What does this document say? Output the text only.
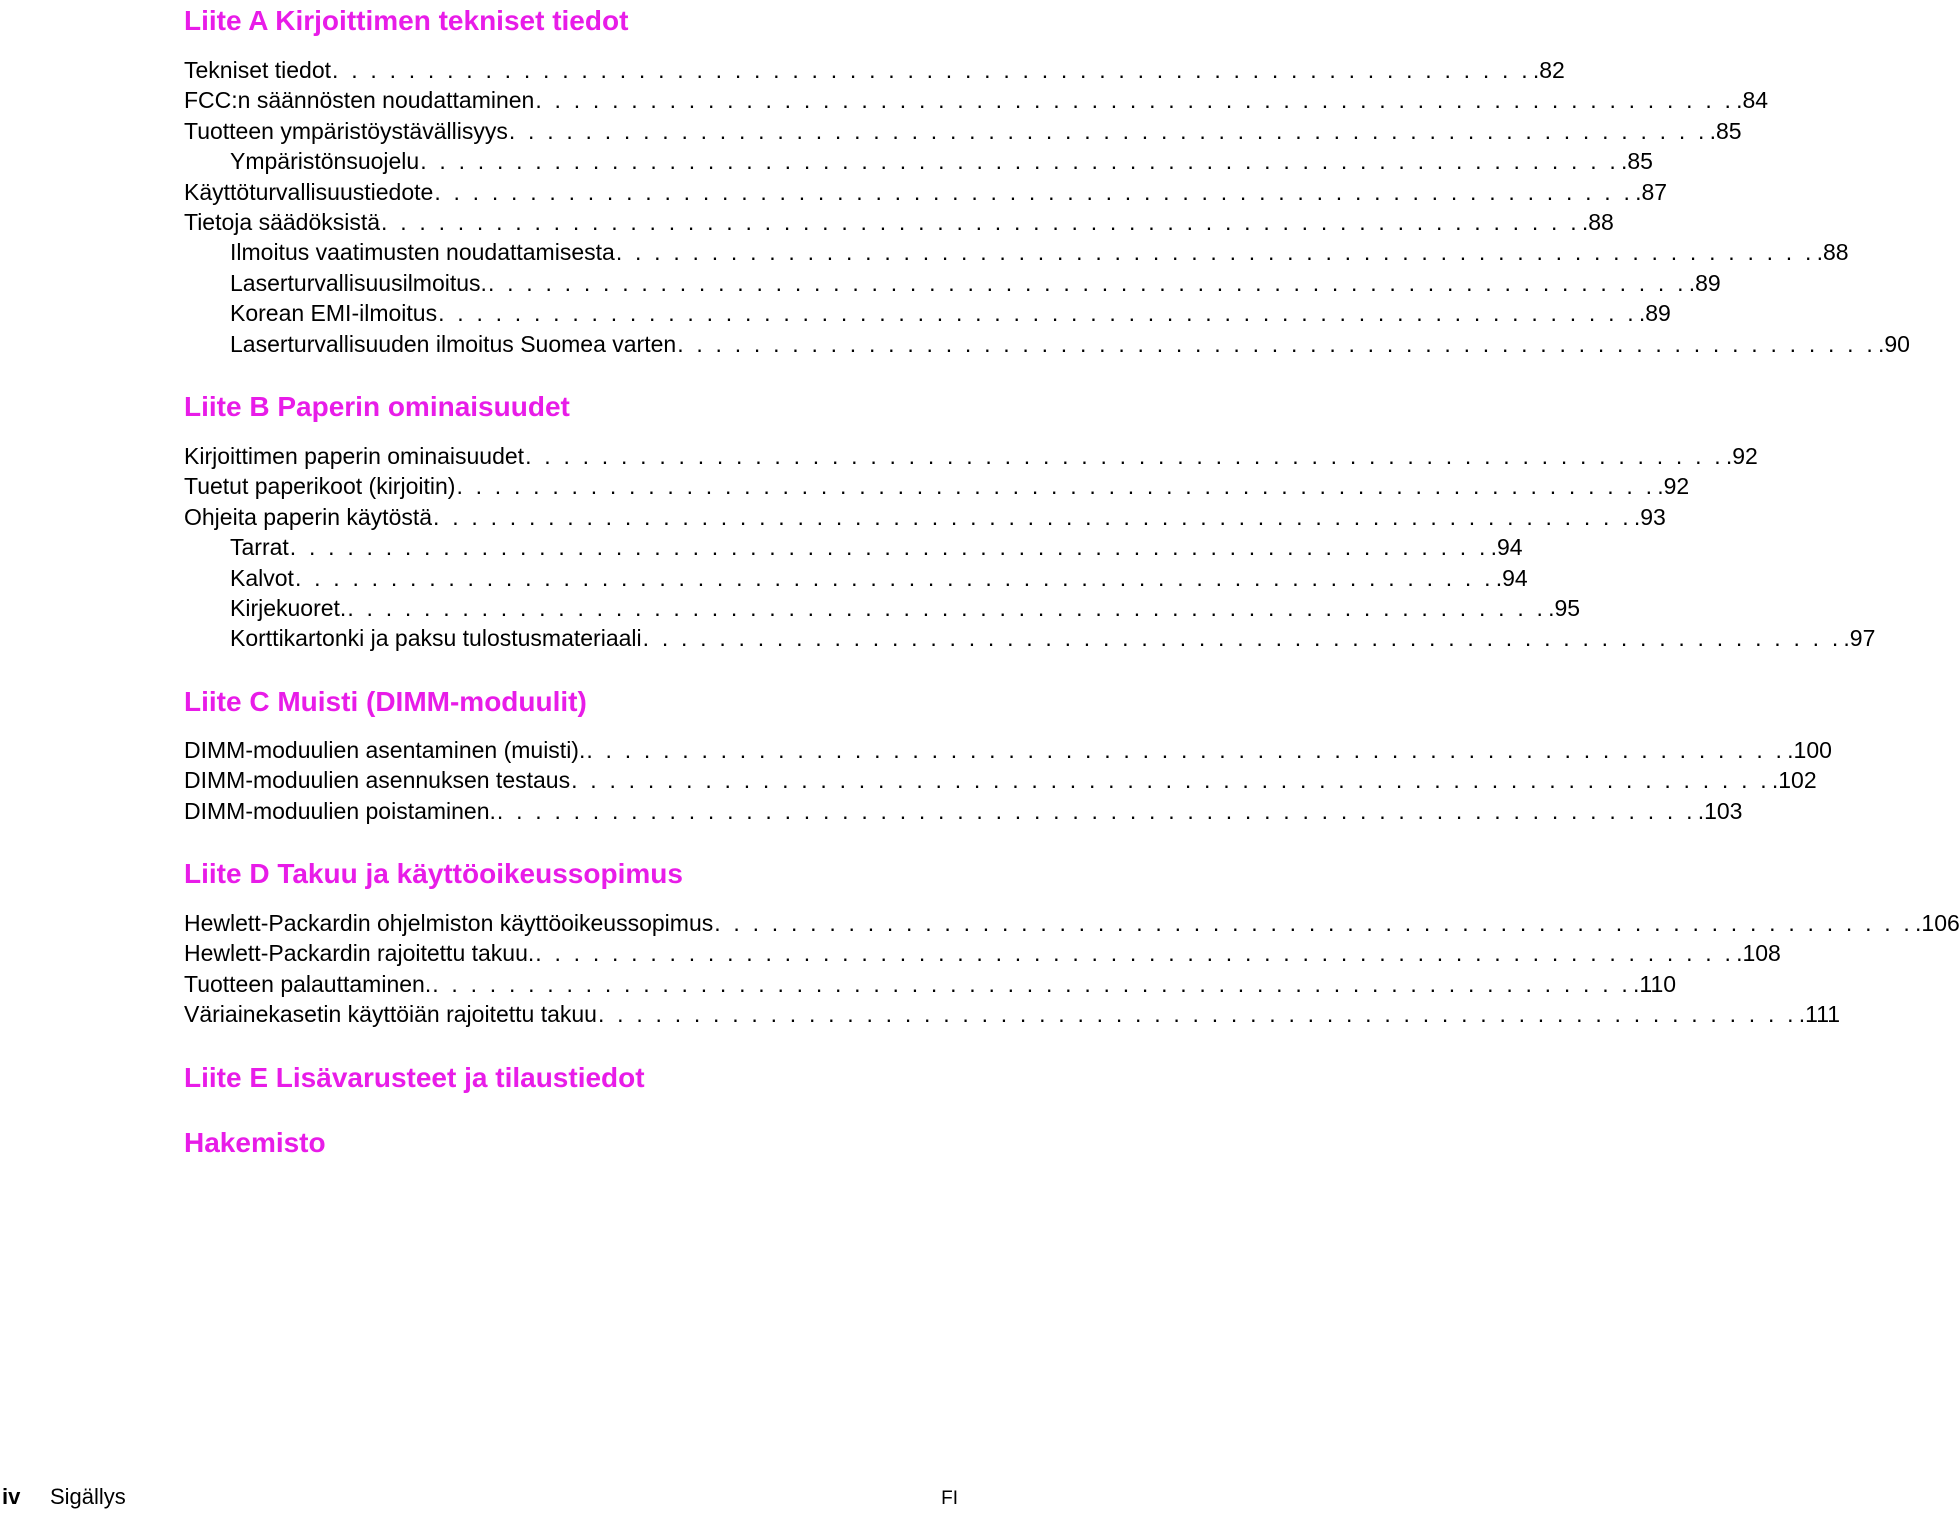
Liite A Kirjoittimen tekniset tiedot
Tekniset tiedot . . . . . . . . . . . . . . . . . . . . . . . . . . . . . . . . . . . . . . . . . . . . . . . . . . . . . . . . . . . . . . . .82
FCC:n säännösten noudattaminen . . . . . . . . . . . . . . . . . . . . . . . . . . . . . . . . . . . . . . . . . . . . . . . . . . . . . . . . . . . . . . . .84
Tuotteen ympäristöystävällisyys . . . . . . . . . . . . . . . . . . . . . . . . . . . . . . . . . . . . . . . . . . . . . . . . . . . . . . . . . . . . . . . .85
Ympäristönsuojelu . . . . . . . . . . . . . . . . . . . . . . . . . . . . . . . . . . . . . . . . . . . . . . . . . . . . . . . . . . . . . . . .85
Käyttöturvallisuustiedote . . . . . . . . . . . . . . . . . . . . . . . . . . . . . . . . . . . . . . . . . . . . . . . . . . . . . . . . . . . . . . . .87
Tietoja säädöksistä . . . . . . . . . . . . . . . . . . . . . . . . . . . . . . . . . . . . . . . . . . . . . . . . . . . . . . . . . . . . . . . .88
Ilmoitus vaatimusten noudattamisesta . . . . . . . . . . . . . . . . . . . . . . . . . . . . . . . . . . . . . . . . . . . . . . . . . . . . . . . . . . . . . . . .88
Laserturvallisuusilmoitus. . . . . . . . . . . . . . . . . . . . . . . . . . . . . . . . . . . . . . . . . . . . . . . . . . . . . . . . . . . . . . . . .89
Korean EMI-ilmoitus . . . . . . . . . . . . . . . . . . . . . . . . . . . . . . . . . . . . . . . . . . . . . . . . . . . . . . . . . . . . . . . .89
Laserturvallisuuden ilmoitus Suomea varten . . . . . . . . . . . . . . . . . . . . . . . . . . . . . . . . . . . . . . . . . . . . . . . . . . . . . . . . . . . . . . . .90
Liite B Paperin ominaisuudet
Kirjoittimen paperin ominaisuudet . . . . . . . . . . . . . . . . . . . . . . . . . . . . . . . . . . . . . . . . . . . . . . . . . . . . . . . . . . . . . . . .92
Tuetut paperikoot (kirjoitin) . . . . . . . . . . . . . . . . . . . . . . . . . . . . . . . . . . . . . . . . . . . . . . . . . . . . . . . . . . . . . . . .92
Ohjeita paperin käytöstä . . . . . . . . . . . . . . . . . . . . . . . . . . . . . . . . . . . . . . . . . . . . . . . . . . . . . . . . . . . . . . . .93
Tarrat . . . . . . . . . . . . . . . . . . . . . . . . . . . . . . . . . . . . . . . . . . . . . . . . . . . . . . . . . . . . . . . .94
Kalvot . . . . . . . . . . . . . . . . . . . . . . . . . . . . . . . . . . . . . . . . . . . . . . . . . . . . . . . . . . . . . . . .94
Kirjekuoret. . . . . . . . . . . . . . . . . . . . . . . . . . . . . . . . . . . . . . . . . . . . . . . . . . . . . . . . . . . . . . . . .95
Korttikartonki ja paksu tulostusmateriaali . . . . . . . . . . . . . . . . . . . . . . . . . . . . . . . . . . . . . . . . . . . . . . . . . . . . . . . . . . . . . . . .97
Liite C Muisti (DIMM-moduulit)
DIMM-moduulien asentaminen (muisti). . . . . . . . . . . . . . . . . . . . . . . . . . . . . . . . . . . . . . . . . . . . . . . . . . . . . . . . . . . . . . . . .100
DIMM-moduulien asennuksen testaus . . . . . . . . . . . . . . . . . . . . . . . . . . . . . . . . . . . . . . . . . . . . . . . . . . . . . . . . . . . . . . . .102
DIMM-moduulien poistaminen. . . . . . . . . . . . . . . . . . . . . . . . . . . . . . . . . . . . . . . . . . . . . . . . . . . . . . . . . . . . . . . . .103
Liite D Takuu ja käyttöoikeussopimus
Hewlett-Packardin ohjelmiston käyttöoikeussopimus . . . . . . . . . . . . . . . . . . . . . . . . . . . . . . . . . . . . . . . . . . . . . . . . . . . . . . . . . . . . . . . .106
Hewlett-Packardin rajoitettu takuu. . . . . . . . . . . . . . . . . . . . . . . . . . . . . . . . . . . . . . . . . . . . . . . . . . . . . . . . . . . . . . . . .108
Tuotteen palauttaminen. . . . . . . . . . . . . . . . . . . . . . . . . . . . . . . . . . . . . . . . . . . . . . . . . . . . . . . . . . . . . . . . .110
Väriainekasetin käyttöiän rajoitettu takuu . . . . . . . . . . . . . . . . . . . . . . . . . . . . . . . . . . . . . . . . . . . . . . . . . . . . . . . . . . . . . . . .111
Liite E Lisävarusteet ja tilaustiedot
Hakemisto
iv Sigällys	FI
